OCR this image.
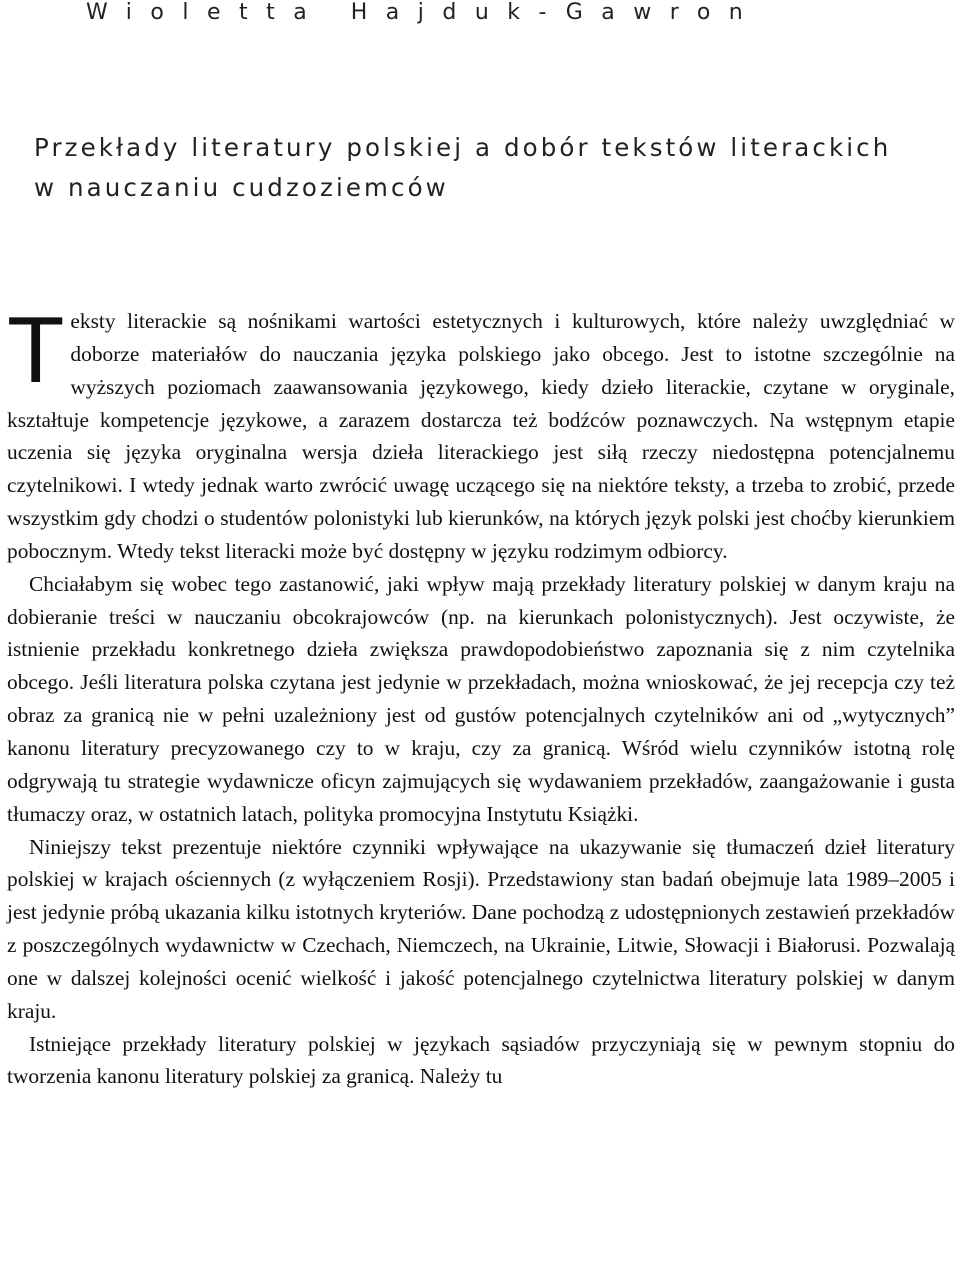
Wioletta Hajduk-Gawron
Przekłady literatury polskiej a dobór tekstów literackich
w nauczaniu cudzoziemców

Teksty literackie są nośnikami wartości estetycznych i kulturowych, które należy uwzględniać w doborze materiałów do nauczania języka polskiego jako obcego. Jest to istotne szczególnie na wyższych poziomach zaawansowania językowego, kiedy dzieło literackie, czytane w oryginale, kształtuje kompetencje językowe, a zarazem dostarcza też bodźców poznawczych. Na wstępnym etapie uczenia się języka oryginalna wersja dzieła literackiego jest siłą rzeczy niedostępna potencjalnemu czytelnikowi. I wtedy jednak warto zwrócić uwagę uczącego się na niektóre teksty, a trzeba to zrobić, przede wszystkim gdy chodzi o studentów polonistyki lub kierunków, na których język polski jest choćby kierunkiem pobocznym. Wtedy tekst literacki może być dostępny w języku rodzimym odbiorcy.

Chciałabym się wobec tego zastanowić, jaki wpływ mają przekłady literatury polskiej w danym kraju na dobieranie treści w nauczaniu obcokrajowców (np. na kierunkach polonistycznych). Jest oczywiste, że istnienie przekładu konkretnego dzieła zwiększa prawdopodobieństwo zapoznania się z nim czytelnika obcego. Jeśli literatura polska czytana jest jedynie w przekładach, można wnioskować, że jej recepcja czy też obraz za granicą nie w pełni uzależniony jest od gustów potencjalnych czytelników ani od „wytycznych” kanonu literatury precyzowanego czy to w kraju, czy za granicą. Wśród wielu czynników istotną rolę odgrywają tu strategie wydawnicze oficyn zajmujących się wydawaniem przekładów, zaangażowanie i gusta tłumaczy oraz, w ostatnich latach, polityka promocyjna Instytutu Książki.

Niniejszy tekst prezentuje niektóre czynniki wpływające na ukazywanie się tłumaczeń dzieł literatury polskiej w krajach ościennych (z wyłączeniem Rosji). Przedstawiony stan badań obejmuje lata 1989–2005 i jest jedynie próbą ukazania kilku istotnych kryteriów. Dane pochodzą z udostępnionych zestawień przekładów z poszczególnych wydawnictw w Czechach, Niemczech, na Ukrainie, Litwie, Słowacji i Białorusi. Pozwalają one w dalszej kolejności ocenić wielkość i jakość potencjalnego czytelnictwa literatury polskiej w danym kraju.

Istniejące przekłady literatury polskiej w językach sąsiadów przyczyniają się w pewnym stopniu do tworzenia kanonu literatury polskiej za granicą. Należy tu
